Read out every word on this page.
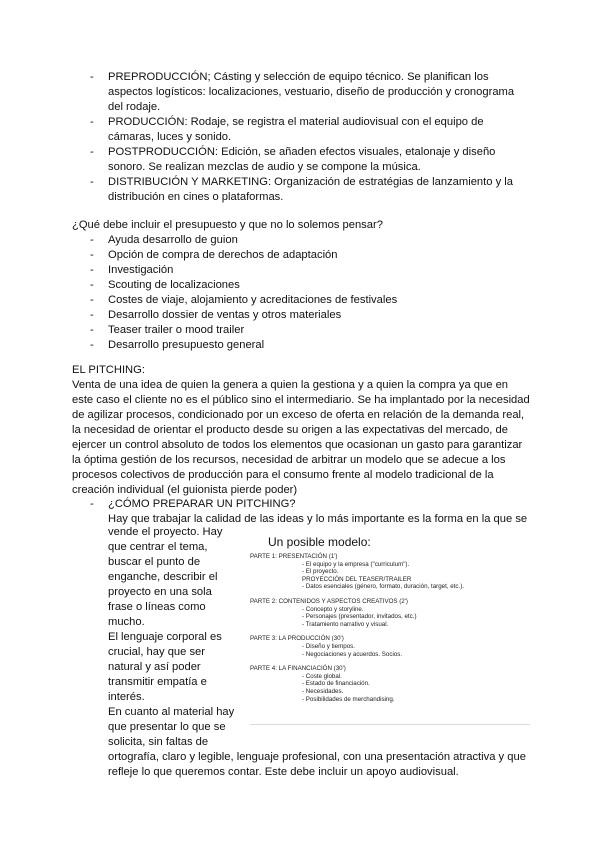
- PREPRODUCCIÓN; Cásting y selección de equipo técnico. Se planifican los aspectos logísticos: localizaciones, vestuario, diseño de producción y cronograma del rodaje.
- PRODUCCIÓN: Rodaje, se registra el material audiovisual con el equipo de cámaras, luces y sonido.
- POSTPRODUCCIÓN: Edición, se añaden efectos visuales, etalonaje y diseño sonoro. Se realizan mezclas de audio y se compone la música.
- DISTRIBUCIÓN Y MARKETING: Organización de estratégias de lanzamiento y la distribución en cines o plataformas.
¿Qué debe incluir el presupuesto y que no lo solemos pensar?
- Ayuda desarrollo de guion
- Opción de compra de derechos de adaptación
- Investigación
- Scouting de localizaciones
- Costes de viaje, alojamiento y acreditaciones de festivales
- Desarrollo dossier de ventas y otros materiales
- Teaser trailer o mood trailer
- Desarrollo presupuesto general
EL PITCHING:
Venta de una idea de quien la genera a quien la gestiona y a quien la compra ya que en este caso el cliente no es el público sino el intermediario. Se ha implantado por la necesidad de agilizar procesos, condicionado por un exceso de oferta en relación de la demanda real, la necesidad de orientar el producto desde su origen a las expectativas del mercado, de ejercer un control absoluto de todos los elementos que ocasionan un gasto para garantizar la óptima gestión de los recursos, necesidad de arbitrar un modelo que se adecue a los procesos colectivos de producción para el consumo frente al modelo tradicional de la creación individual (el guionista pierde poder)
- ¿CÓMO PREPARAR UN PITCHING?
Hay que trabajar la calidad de las ideas y lo más importante es la forma en la que se
vende el proyecto. Hay
que centrar el tema,
buscar el punto de
enganche, describir el
proyecto en una sola
frase o líneas como
mucho.
El lenguaje corporal es
crucial, hay que ser
natural y así poder
transmitir empatía e
interés.
En cuanto al material hay
que presentar lo que se
solicita, sin faltas de
ortografía, claro y legible, lenguaje profesional, con una presentación atractiva y que refleje lo que queremos contar. Este debe incluir un apoyo audiovisual.
Un posible modelo:
PARTE 1: PRESENTACIÓN (1')
- El equipo y la empresa ("curriculum").
- El proyecto.
PROYECCIÓN DEL TEASER/TRAILER
- Datos esenciales (género, formato, duración, target, etc.).
PARTE 2: CONTENIDOS Y ASPECTOS CREATIVOS (2')
- Concepto y storyline.
- Personajes (presentador, invitados, etc.)
- Tratamiento narrativo y visual.
PARTE 3: LA PRODUCCIÓN (30')
- Diseño y tiempos.
- Negociaciones y acuerdos. Socios.
PARTE 4: LA FINANCIACIÓN (30')
- Coste global.
- Estado de financiación.
- Necesidades.
- Posibilidades de merchandising.
